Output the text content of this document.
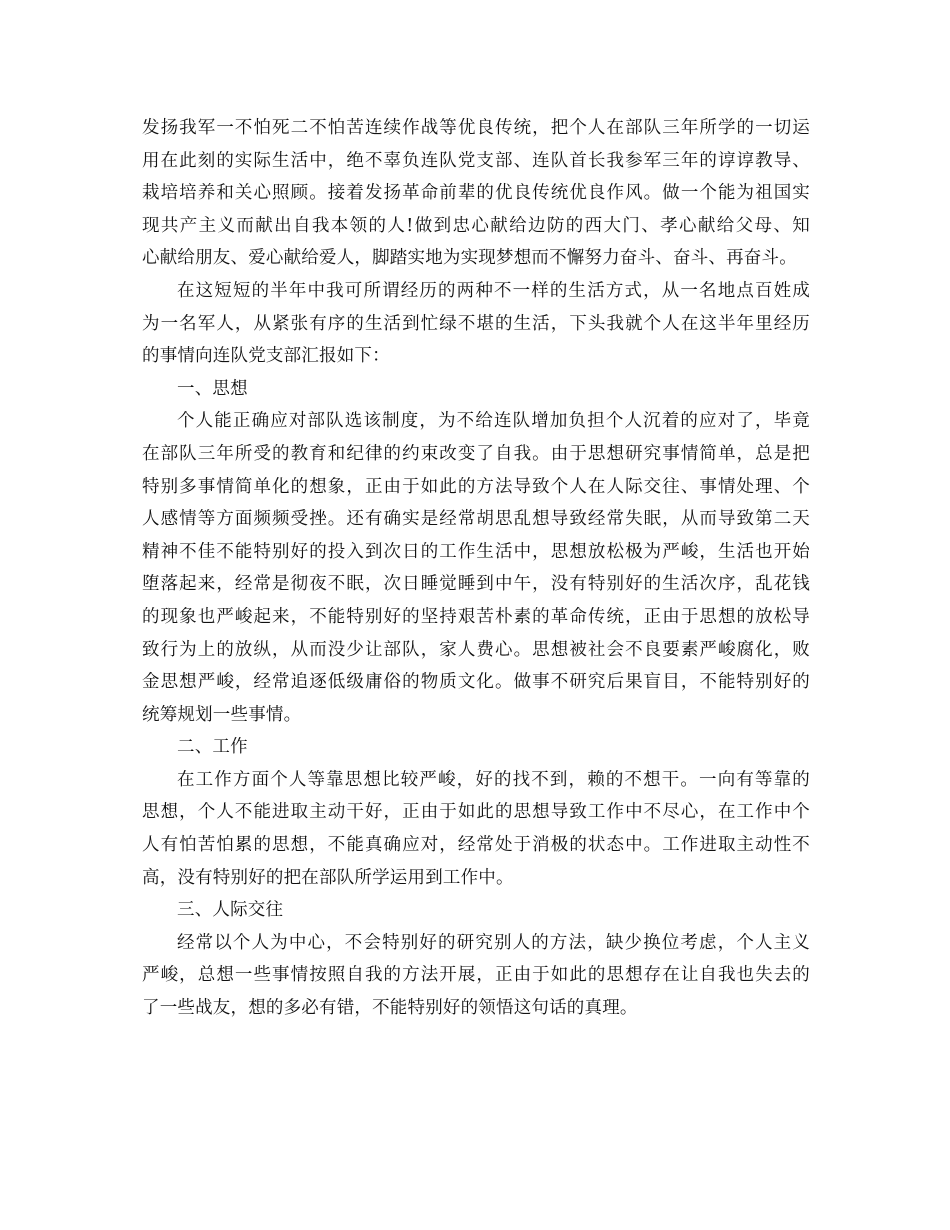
发扬我军一不怕死二不怕苦连续作战等优良传统，把个人在部队三年所学的一切运
用在此刻的实际生活中，绝不辜负连队党支部、连队首长我参军三年的谆谆教导、
栽培培养和关心照顾。接着发扬革命前辈的优良传统优良作风。做一个能为祖国实
现共产主义而献出自我本领的人!做到忠心献给边防的西大门、孝心献给父母、知
心献给朋友、爱心献给爱人，脚踏实地为实现梦想而不懈努力奋斗、奋斗、再奋斗。
在这短短的半年中我可所谓经历的两种不一样的生活方式，从一名地点百姓成
为一名军人，从紧张有序的生活到忙绿不堪的生活，下头我就个人在这半年里经历
的事情向连队党支部汇报如下：
一、思想
个人能正确应对部队选该制度，为不给连队增加负担个人沉着的应对了，毕竟
在部队三年所受的教育和纪律的约束改变了自我。由于思想研究事情简单，总是把
特别多事情简单化的想象，正由于如此的方法导致个人在人际交往、事情处理、个
人感情等方面频频受挫。还有确实是经常胡思乱想导致经常失眠，从而导致第二天
精神不佳不能特别好的投入到次日的工作生活中，思想放松极为严峻，生活也开始
堕落起来，经常是彻夜不眠，次日睡觉睡到中午，没有特别好的生活次序，乱花钱
的现象也严峻起来，不能特别好的坚持艰苦朴素的革命传统，正由于思想的放松导
致行为上的放纵，从而没少让部队，家人费心。思想被社会不良要素严峻腐化，败
金思想严峻，经常追逐低级庸俗的物质文化。做事不研究后果盲目，不能特别好的
统筹规划一些事情。
二、工作
在工作方面个人等靠思想比较严峻，好的找不到，赖的不想干。一向有等靠的
思想，个人不能进取主动干好，正由于如此的思想导致工作中不尽心，在工作中个
人有怕苦怕累的思想，不能真确应对，经常处于消极的状态中。工作进取主动性不
高，没有特别好的把在部队所学运用到工作中。
三、人际交往
经常以个人为中心，不会特别好的研究别人的方法，缺少换位考虑，个人主义
严峻，总想一些事情按照自我的方法开展，正由于如此的思想存在让自我也失去的
了一些战友，想的多必有错，不能特别好的领悟这句话的真理。
